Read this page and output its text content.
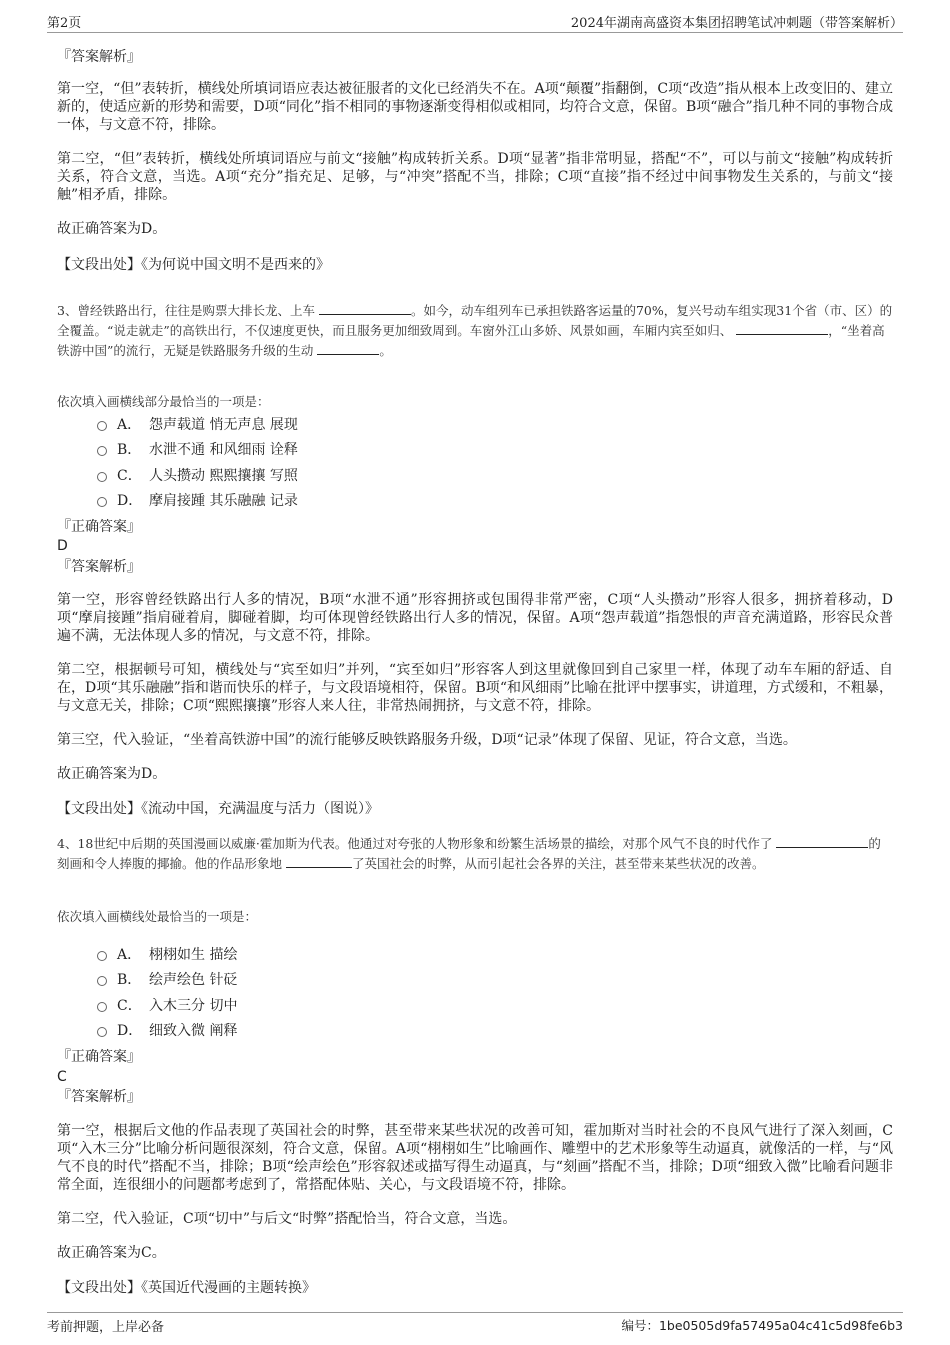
第2页	2024年湖南高盛资本集团招聘笔试冲刺题（带答案解析）
『答案解析』

第一空，“但”表转折，横线处所填词语应表达被征服者的文化已经消失不在。A项“颠覆”指翻倒，C项“改造”指从根本上改变旧的、建立新的，使适应新的形势和需要，D项“同化”指不相同的事物逐渐变得相似或相同，均符合文意，保留。B项“融合”指几种不同的事物合成一体，与文意不符，排除。

第二空，“但”表转折，横线处所填词语应与前文“接触”构成转折关系。D项“显著”指非常明显，搭配“不”，可以与前文“接触”构成转折关系，符合文意，当选。A项“充分”指充足、足够，与“冲突”搭配不当，排除；C项“直接”指不经过中间事物发生关系的，与前文“接触”相矛盾，排除。

故正确答案为D。

【文段出处】《为何说中国文明不是西来的》

3、曾经铁路出行，往往是购票大排长龙、上车	。如今，动车组列车已承担铁路客运量的70%，复兴号动车组实现31个省（市、区）的全覆盖。“说走就走”的高铁出行，不仅速度更快，而且服务更加细致周到。车窗外江山多娇、风景如画，车厢内宾至如归、	，“坐着高铁游中国”的流行，无疑是铁路服务升级的生动	。

依次填入画横线部分最恰当的一项是：
A． 怨声载道 悄无声息 展现
B． 水泄不通 和风细雨 诠释
C． 人头攒动 熙熙攘攘 写照
D． 摩肩接踵 其乐融融 记录
『正确答案』
D
『答案解析』

第一空，形容曾经铁路出行人多的情况，B项“水泄不通”形容拥挤或包围得非常严密，C项“人头攒动”形容人很多，拥挤着移动，D项“摩肩接踵”指肩碰着肩，脚碰着脚，均可体现曾经铁路出行人多的情况，保留。A项“怨声载道”指怨恨的声音充满道路，形容民众普遍不满，无法体现人多的情况，与文意不符，排除。

第二空，根据顿号可知，横线处与“宾至如归”并列，“宾至如归”形容客人到这里就像回到自己家里一样，体现了动车车厢的舒适、自在，D项“其乐融融”指和谐而快乐的样子，与文段语境相符，保留。B项“和风细雨”比喻在批评中摆事实，讲道理，方式缓和，不粗暴，与文意无关，排除；C项“熙熙攘攘”形容人来人往，非常热闹拥挤，与文意不符，排除。

第三空，代入验证，“坐着高铁游中国”的流行能够反映铁路服务升级，D项“记录”体现了保留、见证，符合文意，当选。

故正确答案为D。

【文段出处】《流动中国，充满温度与活力（图说）》

4、18世纪中后期的英国漫画以威廉·霍加斯为代表。他通过对夸张的人物形象和纷繁生活场景的描绘，对那个风气不良的时代作了	的刻画和令人捧腹的揶揄。他的作品形象地	了英国社会的时弊，从而引起社会各界的关注，甚至带来某些状况的改善。

依次填入画横线处最恰当的一项是：
A． 栩栩如生 描绘
B． 绘声绘色 针砭
C． 入木三分 切中
D． 细致入微 阐释
『正确答案』
C
『答案解析』

第一空，根据后文他的作品表现了英国社会的时弊，甚至带来某些状况的改善可知，霍加斯对当时社会的不良风气进行了深入刻画，C项“入木三分”比喻分析问题很深刻，符合文意，保留。A项“栩栩如生”比喻画作、雕塑中的艺术形象等生动逼真，就像活的一样，与“风气不良的时代”搭配不当，排除；B项“绘声绘色”形容叙述或描写得生动逼真，与“刻画”搭配不当，排除；D项“细致入微”比喻看问题非常全面，连很细小的问题都考虑到了，常搭配体贴、关心，与文段语境不符，排除。

第二空，代入验证，C项“切中”与后文“时弊”搭配恰当，符合文意，当选。

故正确答案为C。

【文段出处】《英国近代漫画的主题转换》
考前押题，上岸必备	编号：1be0505d9fa57495a04c41c5d98fe6b3
